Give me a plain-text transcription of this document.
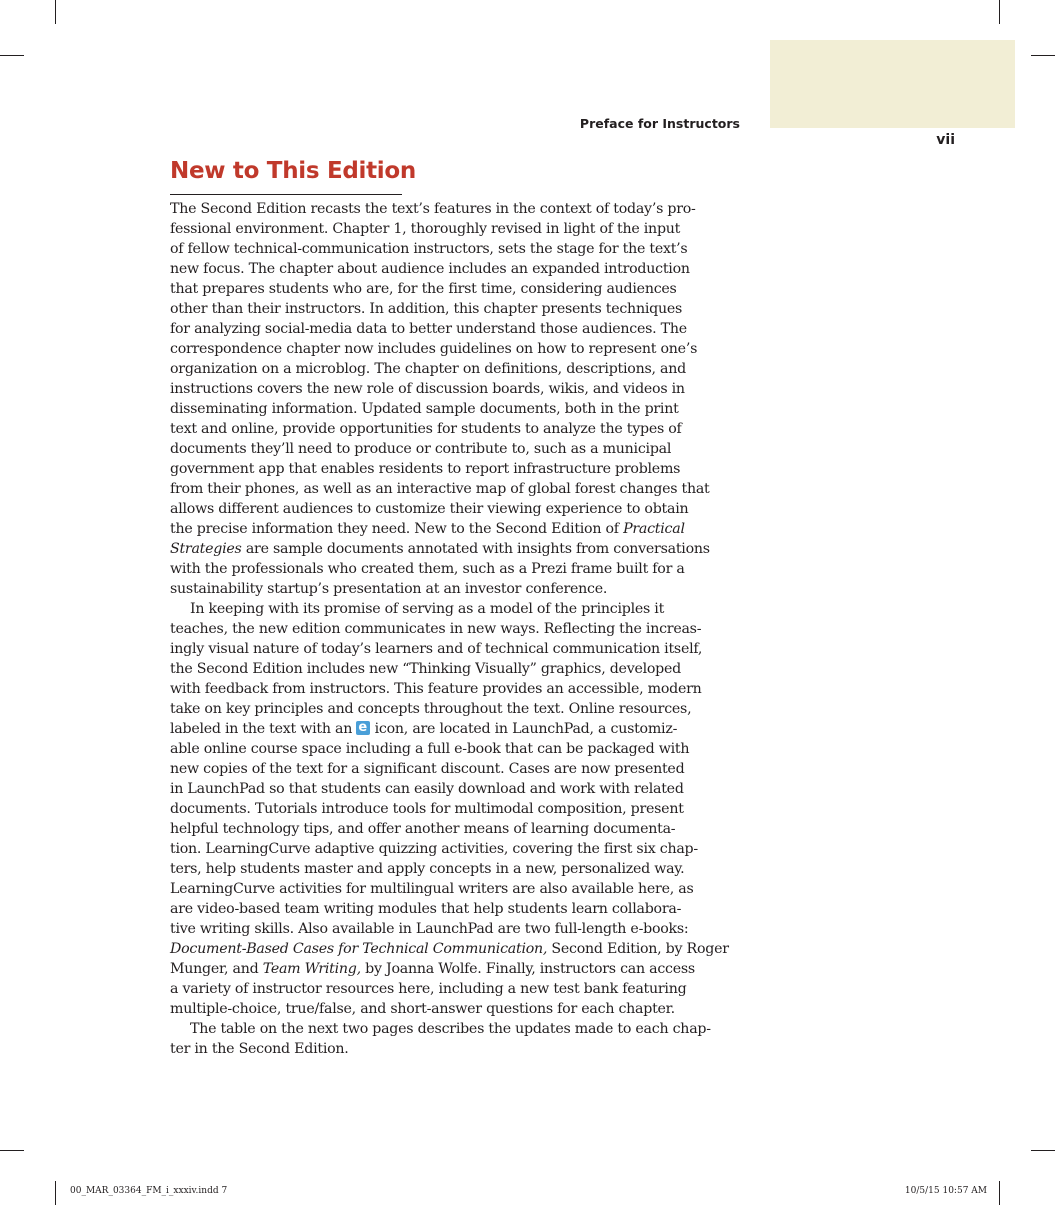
Preface for Instructors
vii
New to This Edition
The Second Edition recasts the text’s features in the context of today’s pro-
fessional environment. Chapter 1, thoroughly revised in light of the input
of fellow technical-communication instructors, sets the stage for the text’s
new focus. The chapter about audience includes an expanded introduction
that prepares students who are, for the first time, considering audiences
other than their instructors. In addition, this chapter presents techniques
for analyzing social-media data to better understand those audiences. The
correspondence chapter now includes guidelines on how to represent one’s
organization on a microblog. The chapter on definitions, descriptions, and
instructions covers the new role of discussion boards, wikis, and videos in
disseminating information. Updated sample documents, both in the print
text and online, provide opportunities for students to analyze the types of
documents they’ll need to produce or contribute to, such as a municipal
government app that enables residents to report infrastructure problems
from their phones, as well as an interactive map of global forest changes that
allows different audiences to customize their viewing experience to obtain
the precise information they need. New to the Second Edition of Practical
Strategies are sample documents annotated with insights from conversations
with the professionals who created them, such as a Prezi frame built for a
sustainability startup’s presentation at an investor conference.
In keeping with its promise of serving as a model of the principles it
teaches, the new edition communicates in new ways. Reflecting the increas-
ingly visual nature of today’s learners and of technical communication itself,
the Second Edition includes new “Thinking Visually” graphics, developed
with feedback from instructors. This feature provides an accessible, modern
take on key principles and concepts throughout the text. Online resources,
labeled in the text with an e icon, are located in LaunchPad, a customiz-
able online course space including a full e-book that can be packaged with
new copies of the text for a significant discount. Cases are now presented
in LaunchPad so that students can easily download and work with related
documents. Tutorials introduce tools for multimodal composition, present
helpful technology tips, and offer another means of learning documenta-
tion. LearningCurve adaptive quizzing activities, covering the first six chap-
ters, help students master and apply concepts in a new, personalized way.
LearningCurve activities for multilingual writers are also available here, as
are video-based team writing modules that help students learn collabora-
tive writing skills. Also available in LaunchPad are two full-length e-books:
Document-Based Cases for Technical Communication, Second Edition, by Roger
Munger, and Team Writing, by Joanna Wolfe. Finally, instructors can access
a variety of instructor resources here, including a new test bank featuring
multiple-choice, true/false, and short-answer questions for each chapter.
The table on the next two pages describes the updates made to each chap-
ter in the Second Edition.
00_MAR_03364_FM_i_xxxiv.indd 7	10/5/15 10:57 AM
